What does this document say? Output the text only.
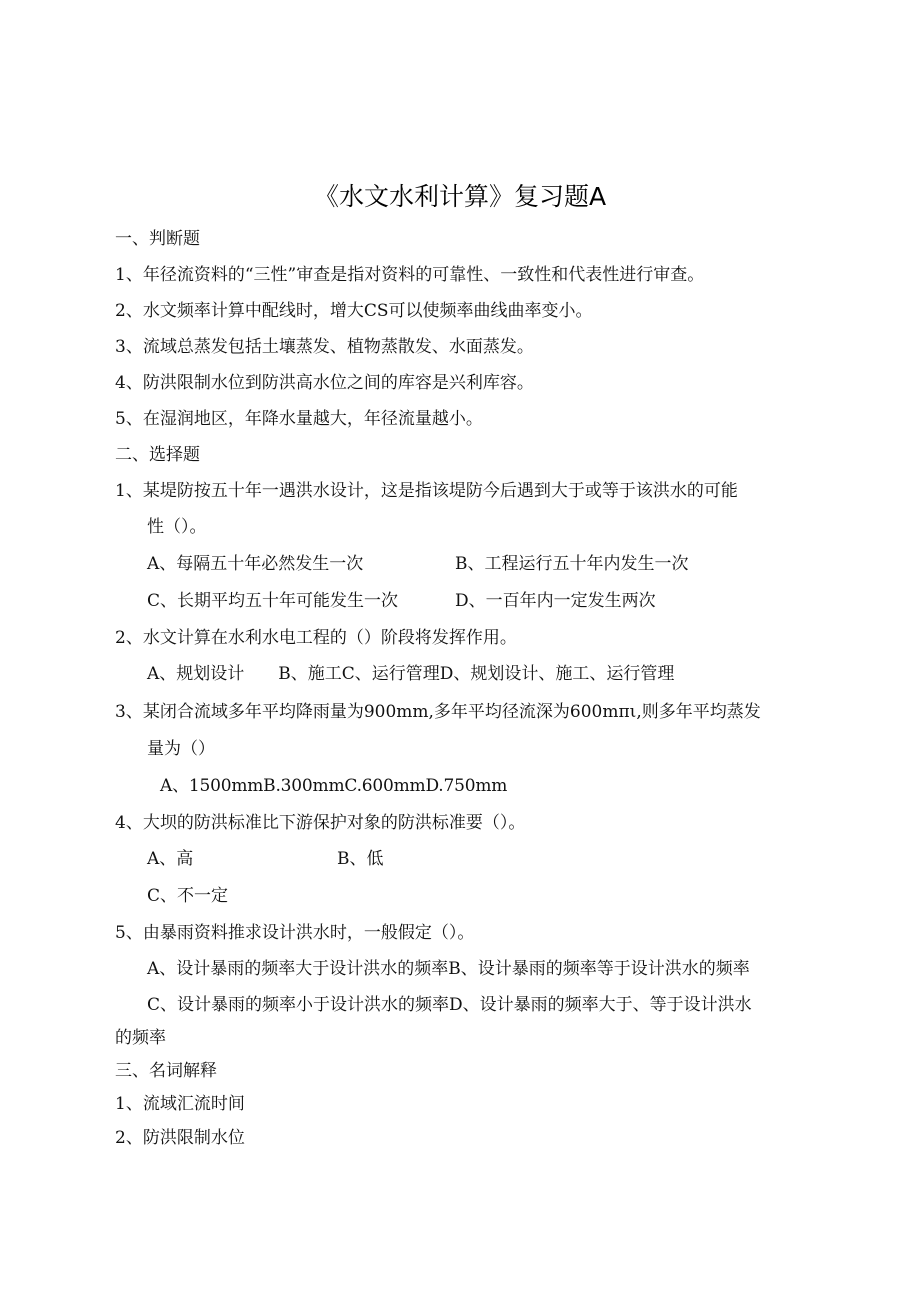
《水文水利计算》复习题A
一、判断题
1、年径流资料的“三性”审查是指对资料的可靠性、一致性和代表性进行审查。
2、水文频率计算中配线时，增大CS可以使频率曲线曲率变小。
3、流域总蒸发包括土壤蒸发、植物蒸散发、水面蒸发。
4、防洪限制水位到防洪高水位之间的库容是兴利库容。
5、在湿润地区，年降水量越大，年径流量越小。
二、选择题
1、某堤防按五十年一遇洪水设计，这是指该堤防今后遇到大于或等于该洪水的可能
性（）。
A、每隔五十年必然发生一次	B、工程运行五十年内发生一次
C、长期平均五十年可能发生一次	D、一百年内一定发生两次
2、水文计算在水利水电工程的（）阶段将发挥作用。
A、规划设计　　B、施工C、运行管理D、规划设计、施工、运行管理
3、某闭合流域多年平均降雨量为900mm,多年平均径流深为600mπι,则多年平均蒸发
量为（）
A、1500mmB.300mmC.600mmD.750mm
4、大坝的防洪标准比下游保护对象的防洪标准要（）。
A、高	B、低
C、不一定
5、由暴雨资料推求设计洪水时，一般假定（）。
A、设计暴雨的频率大于设计洪水的频率B、设计暴雨的频率等于设计洪水的频率
C、设计暴雨的频率小于设计洪水的频率D、设计暴雨的频率大于、等于设计洪水
的频率
三、名词解释
1、流域汇流时间
2、防洪限制水位
